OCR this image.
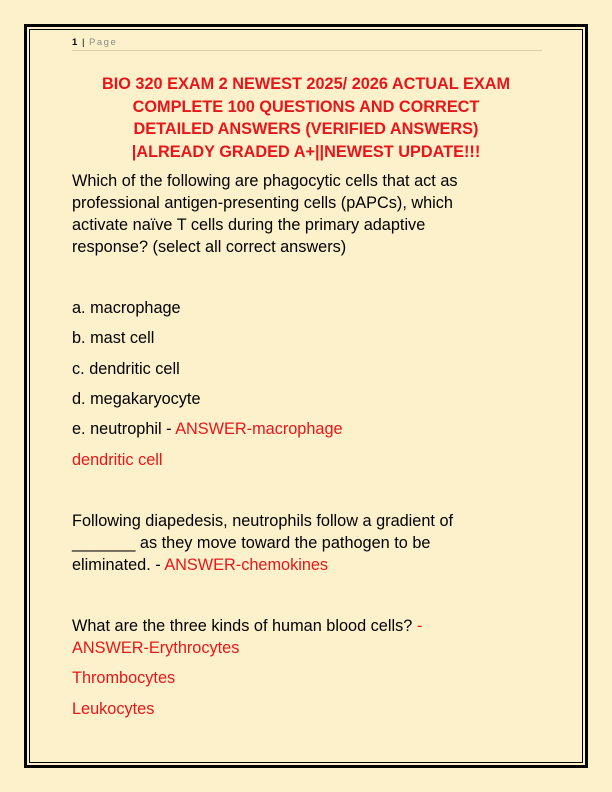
1 | Page
BIO 320 EXAM 2 NEWEST 2025/ 2026 ACTUAL EXAM
COMPLETE 100 QUESTIONS AND CORRECT
DETAILED ANSWERS (VERIFIED ANSWERS)
|ALREADY GRADED A+||NEWEST UPDATE!!!
Which of the following are phagocytic cells that act as
professional antigen-presenting cells (pAPCs), which
activate naïve T cells during the primary adaptive
response? (select all correct answers)
a. macrophage
b. mast cell
c. dendritic cell
d. megakaryocyte
e. neutrophil - ANSWER-macrophage
dendritic cell
Following diapedesis, neutrophils follow a gradient of
_______ as they move toward the pathogen to be
eliminated. - ANSWER-chemokines
What are the three kinds of human blood cells? -
ANSWER-Erythrocytes
Thrombocytes
Leukocytes
